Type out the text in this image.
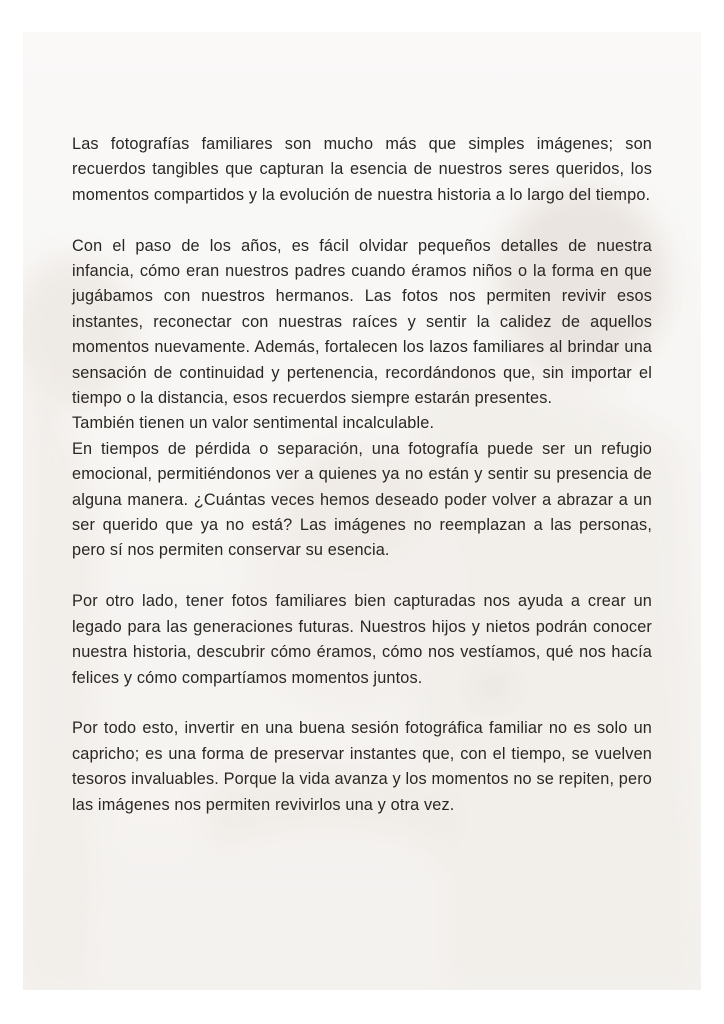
Las fotografías familiares son mucho más que simples imágenes; son recuerdos tangibles que capturan la esencia de nuestros seres queridos, los momentos compartidos y la evolución de nuestra historia a lo largo del tiempo.

Con el paso de los años, es fácil olvidar pequeños detalles de nuestra infancia, cómo eran nuestros padres cuando éramos niños o la forma en que jugábamos con nuestros hermanos. Las fotos nos permiten revivir esos instantes, reconectar con nuestras raíces y sentir la calidez de aquellos momentos nuevamente. Además, fortalecen los lazos familiares al brindar una sensación de continuidad y pertenencia, recordándonos que, sin importar el tiempo o la distancia, esos recuerdos siempre estarán presentes.

También tienen un valor sentimental incalculable.

En tiempos de pérdida o separación, una fotografía puede ser un refugio emocional, permitiéndonos ver a quienes ya no están y sentir su presencia de alguna manera. ¿Cuántas veces hemos deseado poder volver a abrazar a un ser querido que ya no está? Las imágenes no reemplazan a las personas, pero sí nos permiten conservar su esencia.

Por otro lado, tener fotos familiares bien capturadas nos ayuda a crear un legado para las generaciones futuras. Nuestros hijos y nietos podrán conocer nuestra historia, descubrir cómo éramos, cómo nos vestíamos, qué nos hacía felices y cómo compartíamos momentos juntos.

Por todo esto, invertir en una buena sesión fotográfica familiar no es solo un capricho; es una forma de preservar instantes que, con el tiempo, se vuelven tesoros invaluables. Porque la vida avanza y los momentos no se repiten, pero las imágenes nos permiten revivirlos una y otra vez.
